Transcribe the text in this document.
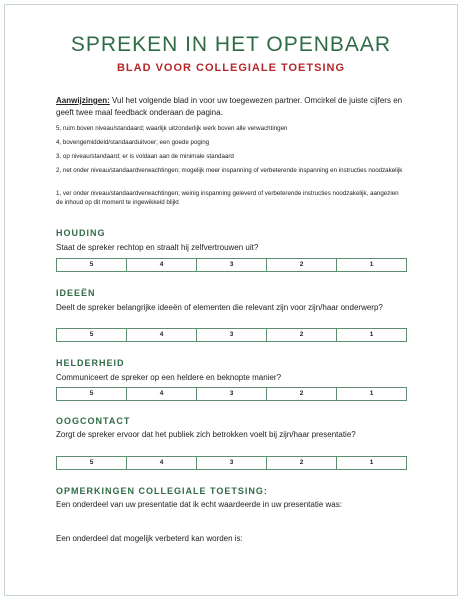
SPREKEN IN HET OPENBAAR
BLAD VOOR COLLEGIALE TOETSING
Aanwijzingen: Vul het volgende blad in voor uw toegewezen partner. Omcirkel de juiste cijfers en geeft twee maal feedback onderaan de pagina.
5, ruim boven niveau/standaard; waarlijk uitzonderlijk werk boven alle verwachtingen
4, bovengemiddeld/standaarduitvoer; een goede poging
3, op niveau/standaard; er is voldaan aan de minimale standaard
2, net onder niveau/standaardverwachtingen; mogelijk meer inspanning of verbeterende inspanning en instructies noodzakelijk
1, ver onder niveau/standaardverwachtingen; weinig inspanning geleverd of verbeterende instructies noodzakelijk, aangezien de inhoud op dit moment te ingewikkeld blijkt
HOUDING
Staat de spreker rechtop en straalt hij zelfvertrouwen uit?
5	4	3	2	1
IDEEËN
Deelt de spreker belangrijke ideeën of elementen die relevant zijn voor zijn/haar onderwerp?
5	4	3	2	1
HELDERHEID
Communiceert de spreker op een heldere en beknopte manier?
5	4	3	2	1
OOGCONTACT
Zorgt de spreker ervoor dat het publiek zich betrokken voelt bij zijn/haar presentatie?
5	4	3	2	1
OPMERKINGEN COLLEGIALE TOETSING:
Een onderdeel van uw presentatie dat ik echt waardeerde in uw presentatie was:
Een onderdeel dat mogelijk verbeterd kan worden is:
